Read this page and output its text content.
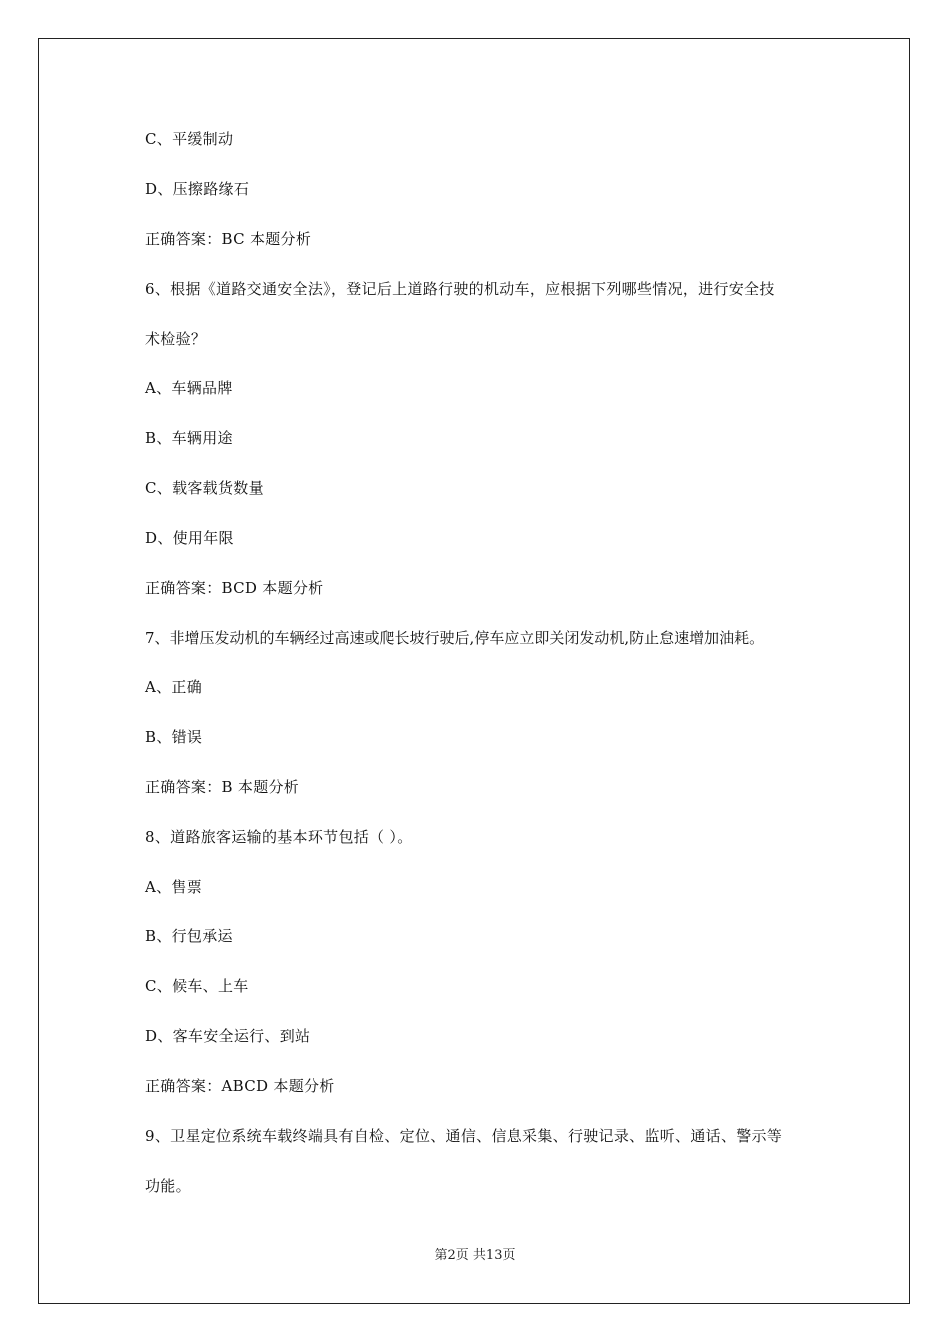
C、平缓制动
D、压擦路缘石
正确答案：BC 本题分析
6、根据《道路交通安全法》，登记后上道路行驶的机动车，应根据下列哪些情况，进行安全技
术检验？
A、车辆品牌
B、车辆用途
C、载客载货数量
D、使用年限
正确答案：BCD 本题分析
7、非增压发动机的车辆经过高速或爬长坡行驶后,停车应立即关闭发动机,防止怠速增加油耗。
A、正确
B、错误
正确答案：B 本题分析
8、道路旅客运输的基本环节包括（ ）。
A、售票
B、行包承运
C、候车、上车
D、客车安全运行、到站
正确答案：ABCD 本题分析
9、卫星定位系统车载终端具有自检、定位、通信、信息采集、行驶记录、监听、通话、警示等
功能。
第2页 共13页
